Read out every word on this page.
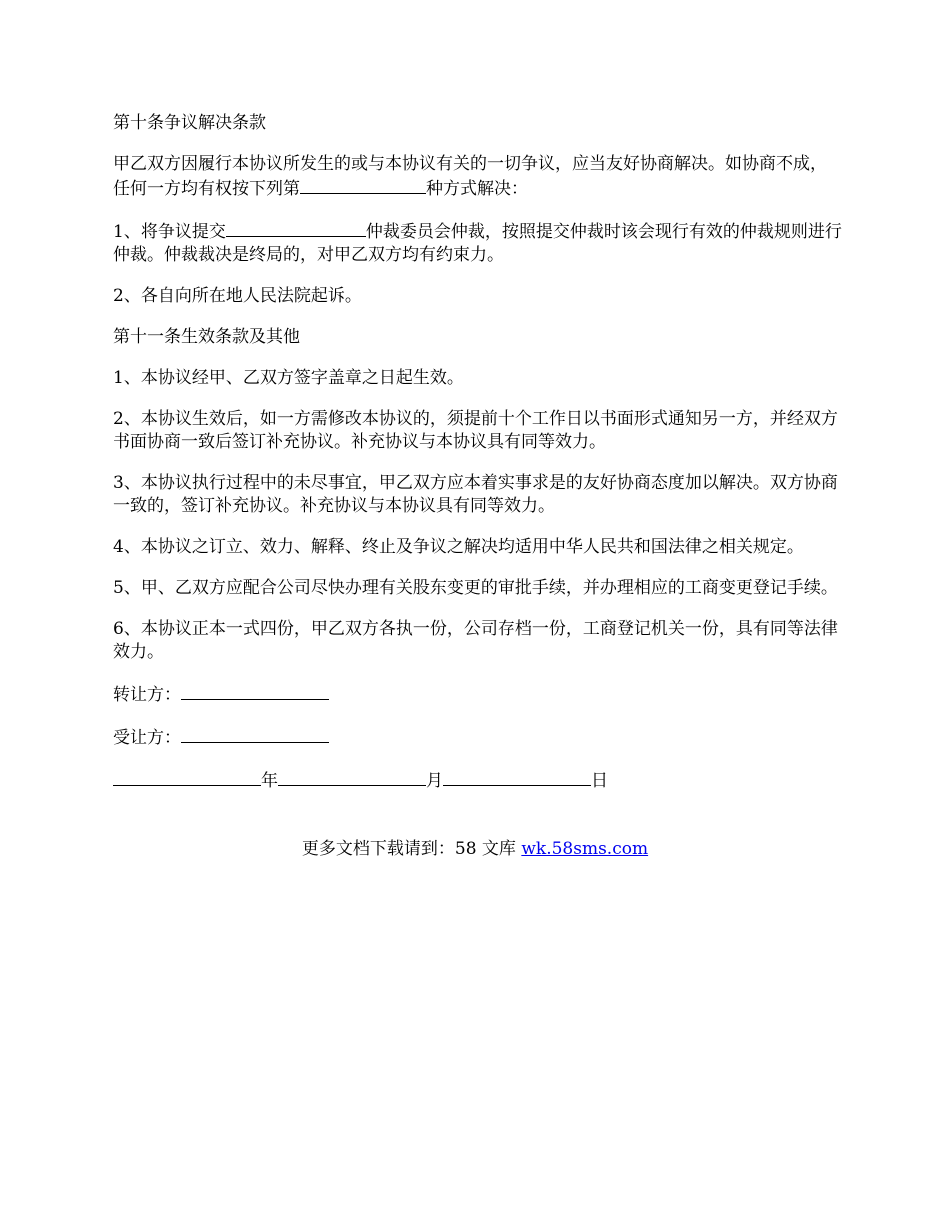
第十条争议解决条款

甲乙双方因履行本协议所发生的或与本协议有关的一切争议，应当友好协商解决。如协商不成，任何一方均有权按下列第	种方式解决：

1、将争议提交	仲裁委员会仲裁，按照提交仲裁时该会现行有效的仲裁规则进行仲裁。仲裁裁决是终局的，对甲乙双方均有约束力。

2、各自向所在地人民法院起诉。

第十一条生效条款及其他

1、本协议经甲、乙双方签字盖章之日起生效。

2、本协议生效后，如一方需修改本协议的，须提前十个工作日以书面形式通知另一方，并经双方书面协商一致后签订补充协议。补充协议与本协议具有同等效力。

3、本协议执行过程中的未尽事宜，甲乙双方应本着实事求是的友好协商态度加以解决。双方协商一致的，签订补充协议。补充协议与本协议具有同等效力。

4、本协议之订立、效力、解释、终止及争议之解决均适用中华人民共和国法律之相关规定。

5、甲、乙双方应配合公司尽快办理有关股东变更的审批手续，并办理相应的工商变更登记手续。

6、本协议正本一式四份，甲乙双方各执一份，公司存档一份，工商登记机关一份，具有同等法律效力。

转让方：

受让方：

年	月	日

更多文档下载请到：58 文库 wk.58sms.com
